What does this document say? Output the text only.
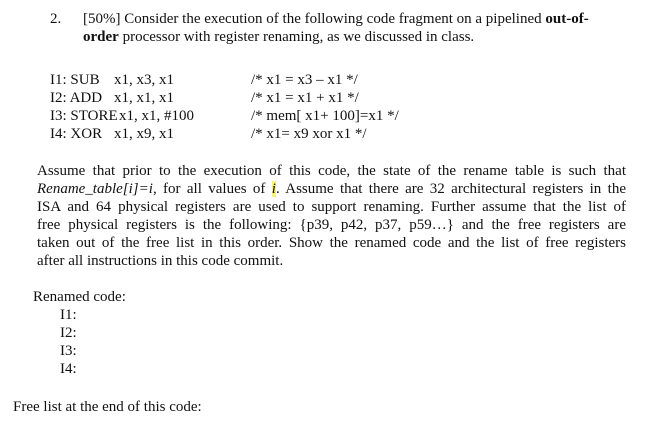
2. [50%] Consider the execution of the following code fragment on a pipelined out-of-
order processor with register renaming, as we discussed in class.
I1: SUB x1, x3, x1	/* x1 = x3 – x1 */
I2: ADD x1, x1, x1	/* x1 = x1 + x1 */
I3: STORE x1, x1, #100	/* mem[ x1+ 100]=x1 */
I4: XOR x1, x9, x1	/* x1= x9 xor x1 */
Assume that prior to the execution of this code, the state of the rename table is such that
Rename_table[i]=i, for all values of i. Assume that there are 32 architectural registers in the
ISA and 64 physical registers are used to support renaming. Further assume that the list of
free physical registers is the following: {p39, p42, p37, p59…} and the free registers are
taken out of the free list in this order. Show the renamed code and the list of free registers
after all instructions in this code commit.
Renamed code:
I1:
I2:
I3:
I4:
Free list at the end of this code:
